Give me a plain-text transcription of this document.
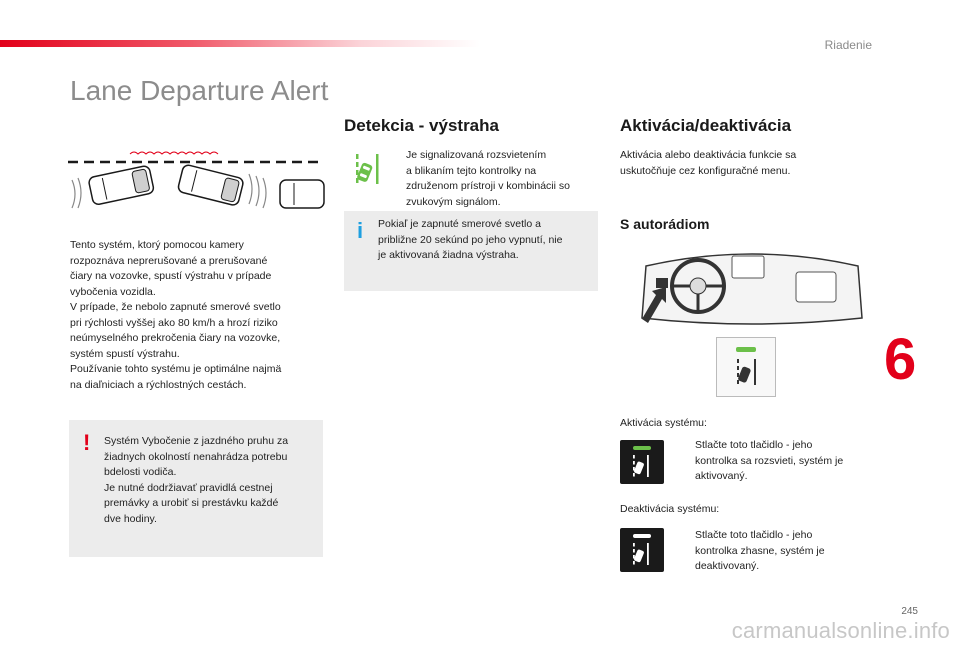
Riadenie
6
245
carmanualsonline.info
Lane Departure Alert
Tento systém, ktorý pomocou kamery
rozpoznáva neprerušované a prerušované
čiary na vozovke, spustí výstrahu v prípade
vybočenia vozidla.
V prípade, že nebolo zapnuté smerové svetlo
pri rýchlosti vyššej ako 80 km/h a hrozí riziko
neúmyselného prekročenia čiary na vozovke,
systém spustí výstrahu.
Používanie tohto systému je optimálne najmä
na diaľniciach a rýchlostných cestách.
! Systém Vybočenie z jazdného pruhu za
žiadnych okolností nenahrádza potrebu
bdelosti vodiča.
Je nutné dodržiavať pravidlá cestnej
premávky a urobiť si prestávku každé
dve hodiny.
Detekcia - výstraha
Je signalizovaná rozsvietením
a blikaním tejto kontrolky na
združenom prístroji v kombinácii so
zvukovým signálom.
i Pokiaľ je zapnuté smerové svetlo a
približne 20 sekúnd po jeho vypnutí, nie
je aktivovaná žiadna výstraha.
Aktivácia/deaktivácia
Aktivácia alebo deaktivácia funkcie sa
uskutočňuje cez konfiguračné menu.
S autorádiom
Aktivácia systému:
Stlačte toto tlačidlo - jeho
kontrolka sa rozsvieti, systém je
aktivovaný.
Deaktivácia systému:
Stlačte toto tlačidlo - jeho
kontrolka zhasne, systém je
deaktivovaný.
